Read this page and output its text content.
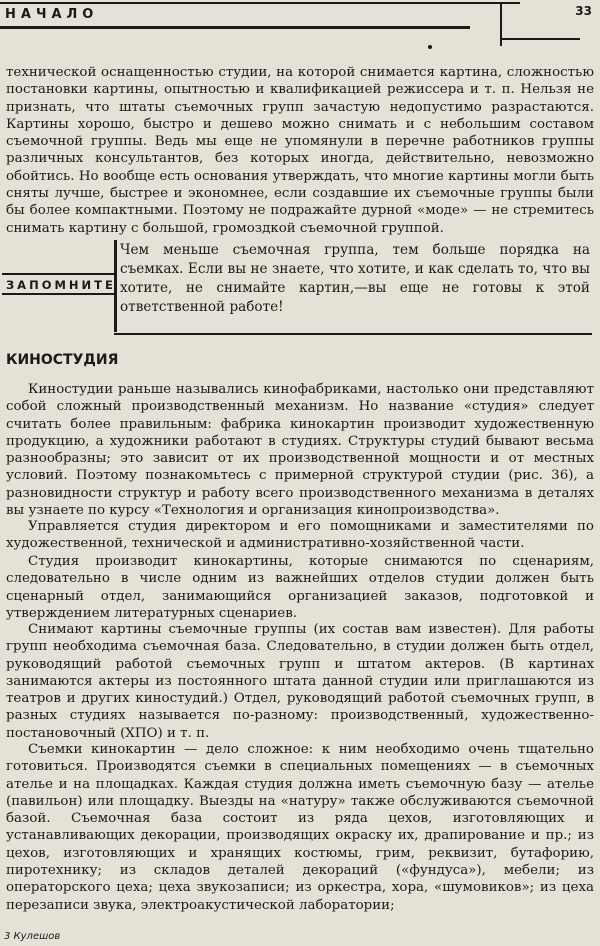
НАЧАЛО	33

технической оснащенностью студии, на которой снимается картина, сложностью постановки картины, опытностью и квалификацией режиссера и т. п. Нельзя не признать, что штаты съемочных групп зачастую недопустимо разрастаются. Картины хорошо, быстро и дешево можно снимать и с небольшим составом съемочной группы. Ведь мы еще не упомянули в перечне работников группы различных консультантов, без которых иногда, действительно, невозможно обойтись. Но вообще есть основания утверждать, что многие картины могли быть сняты лучше, быстрее и экономнее, если создавшие их съемочные группы были бы более компактными. Поэтому не подражайте дурной «моде» — не стремитесь снимать картину с большой, громоздкой съемочной группой.

ЗАПОМНИТЕ

Чем меньше съемочная группа, тем больше порядка на съемках. Если вы не знаете, что хотите, и как сделать то, что вы хотите, не снимайте картин,—вы еще не готовы к этой ответственной работе!

КИНОСТУДИЯ

Киностудии раньше назывались кинофабриками, настолько они представляют собой сложный производственный механизм. Но название «студия» следует считать более правильным: фабрика кинокартин производит художественную продукцию, а художники работают в студиях. Структуры студий бывают весьма разнообразны; это зависит от их производственной мощности и от местных условий. Поэтому познакомьтесь с примерной структурой студии (рис. 36), а разновидности структур и работу всего производственного механизма в деталях вы узнаете по курсу «Технология и организация кинопроизводства».

Управляется студия директором и его помощниками и заместителями по художественной, технической и административно-хозяйственной части.

Студия производит кинокартины, которые снимаются по сценариям, следовательно в числе одним из важнейших отделов студии должен быть сценарный отдел, занимающийся организацией заказов, подготовкой и утверждением литературных сценариев.

Снимают картины съемочные группы (их состав вам известен). Для работы групп необходима съемочная база. Следовательно, в студии должен быть отдел, руководящий работой съемочных групп и штатом актеров. (В картинах занимаются актеры из постоянного штата данной студии или приглашаются из театров и других киностудий.) Отдел, руководящий работой съемочных групп, в разных студиях называется по-разному: производственный, художественно-постановочный (ХПО) и т. п.

Съемки кинокартин — дело сложное: к ним необходимо очень тщательно готовиться. Производятся съемки в специальных помещениях — в съемочных ателье и на площадках. Каждая студия должна иметь съемочную базу — ателье (павильон) или площадку. Выезды на «натуру» также обслуживаются съемочной базой. Съемочная база состоит из ряда цехов, изготовляющих и устанавливающих декорации, производящих окраску их, драпирование и пр.; из цехов, изготовляющих и хранящих костюмы, грим, реквизит, бутафорию, пиротехнику; из складов деталей декораций («фундуса»), мебели; из операторского цеха; цеха звукозаписи; из оркестра, хора, «шумовиков»; из цеха перезаписи звука, электроакустической лаборатории;

3 Кулешов
